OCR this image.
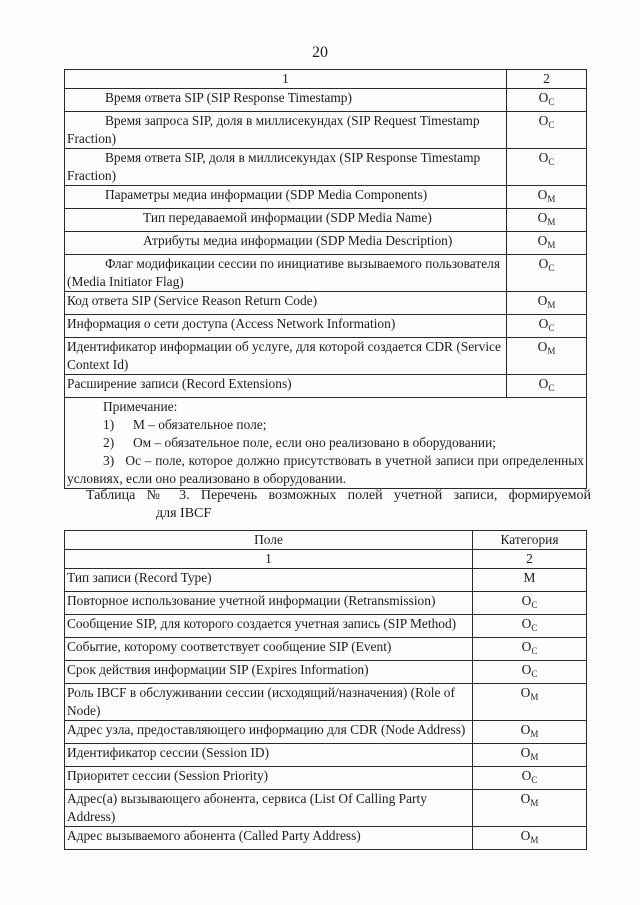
20
1	2
Время ответа SIP (SIP Response Timestamp)	$O_C$
Время запроса SIP, доля в миллисекундах (SIP Request Timestamp Fraction)	$O_C$
Время ответа SIP, доля в миллисекундах (SIP Response Timestamp Fraction)	$O_C$
Параметры медиа информации (SDP Media Components)	$O_M$
Тип передаваемой информации (SDP Media Name)	$O_M$
Атрибуты медиа информации (SDP Media Description)	$O_M$
Флаг модификации сессии по инициативе вызываемого пользователя (Media Initiator Flag)	$O_C$
Код ответа SIP (Service Reason Return Code)	$O_M$
Информация о сети доступа (Access Network Information)	$O_C$
Идентификатор информации об услуге, для которой создается CDR (Service Context Id)	$O_M$
Расширение записи (Record Extensions)	$O_C$

Примечание:
1) M – обязательное поле;
2) Ом – обязательное поле, если оно реализовано в оборудовании;
3) Ос – поле, которое должно присутствовать в учетной записи при определенных условиях, если оно реализовано в оборудовании.	
Таблица № 3. Перечень возможных полей учетной записи, формируемой
для IBCF
Поле	Категория
1	2
Тип записи (Record Type)	M
Повторное использование учетной информации (Retransmission)	$O_C$
Сообщение SIP, для которого создается учетная запись (SIP Method)	$O_C$
Событие, которому соответствует сообщение SIP (Event)	$O_C$
Срок действия информации SIP (Expires Information)	$O_C$
Роль IBCF в обслуживании сессии (исходящий/назначения) (Role of Node)	$O_M$
Адрес узла, предоставляющего информацию для CDR (Node Address)	$O_M$
Идентификатор сессии (Session ID)	$O_M$
Приоритет сессии (Session Priority)	$O_C$
Адрес(а) вызывающего абонента, сервиса (List Of Calling Party Address)	$O_M$
Адрес вызываемого абонента (Called Party Address)	$O_M$
